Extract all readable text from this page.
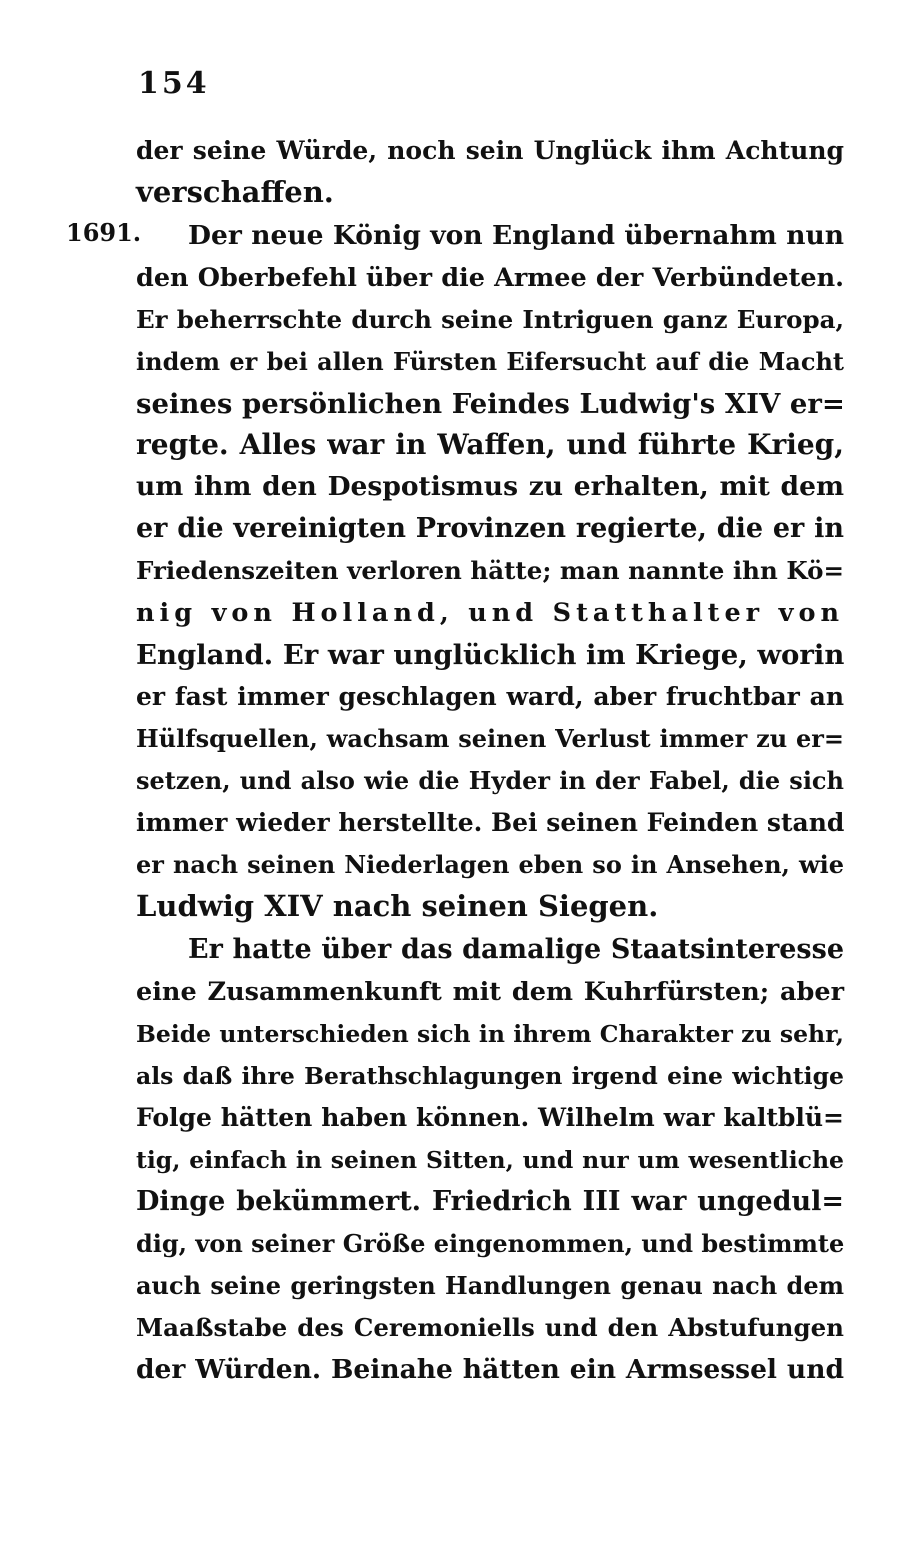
154
1691.
der seine Würde, noch sein Unglück ihm Achtung
verschaffen.
Der neue König von England übernahm nun
den Oberbefehl über die Armee der Verbündeten.
Er beherrschte durch seine Intriguen ganz Europa,
indem er bei allen Fürsten Eifersucht auf die Macht
seines persönlichen Feindes Ludwig's XIV er=
regte. Alles war in Waffen, und führte Krieg,
um ihm den Despotismus zu erhalten, mit dem
er die vereinigten Provinzen regierte, die er in
Friedenszeiten verloren hätte; man nannte ihn Kö=
nig von Holland, und Statthalter von
England. Er war unglücklich im Kriege, worin
er fast immer geschlagen ward, aber fruchtbar an
Hülfsquellen, wachsam seinen Verlust immer zu er=
setzen, und also wie die Hyder in der Fabel, die sich
immer wieder herstellte. Bei seinen Feinden stand
er nach seinen Niederlagen eben so in Ansehen, wie
Ludwig XIV nach seinen Siegen.
Er hatte über das damalige Staatsinteresse
eine Zusammenkunft mit dem Kuhrfürsten; aber
Beide unterschieden sich in ihrem Charakter zu sehr,
als daß ihre Berathschlagungen irgend eine wichtige
Folge hätten haben können. Wilhelm war kaltblü=
tig, einfach in seinen Sitten, und nur um wesentliche
Dinge bekümmert. Friedrich III war ungedul=
dig, von seiner Größe eingenommen, und bestimmte
auch seine geringsten Handlungen genau nach dem
Maaßstabe des Ceremoniells und den Abstufungen
der Würden. Beinahe hätten ein Armsessel und
